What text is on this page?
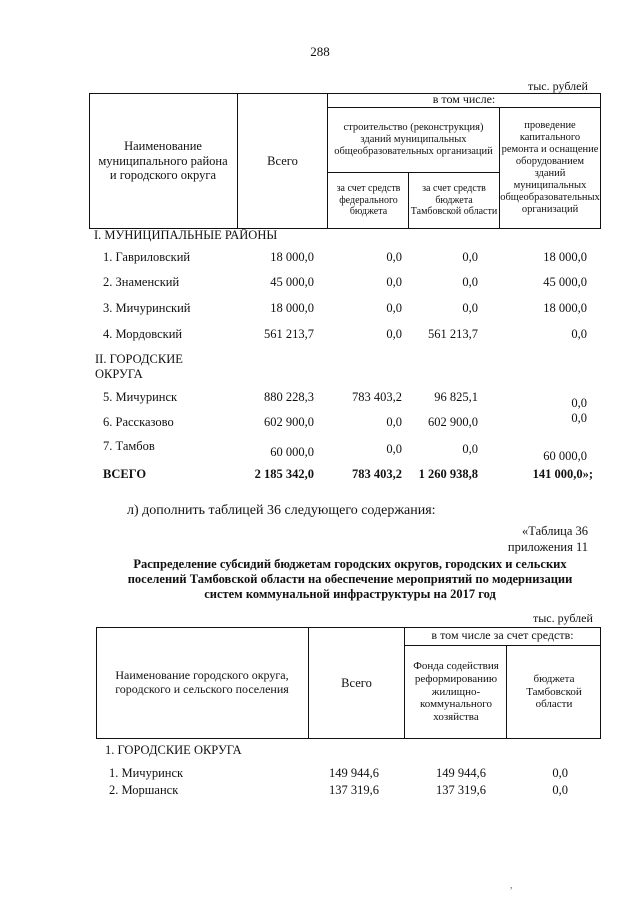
288
тыс. рублей
Наименование муниципального района и городского округа
Всего
в том числе:
строительство (реконструкция) зданий муниципальных общеобразовательных организаций
за счет средств федерального бюджета
за счет средств бюджета Тамбовской области
проведение капитального ремонта и оснащение оборудованием зданий муниципальных общеобразовательных организаций
I. МУНИЦИПАЛЬНЫЕ РАЙОНЫ
1. Гавриловский	18 000,0	0,0	0,0	18 000,0
2. Знаменский	45 000,0	0,0	0,0	45 000,0
3. Мичуринский	18 000,0	0,0	0,0	18 000,0
4. Мордовский	561 213,7	0,0 561 213,7	0,0
II. ГОРОДСКИЕ
ОКРУГА
5. Мичуринск	880 228,3	783 403,2	96 825,1	0,0
6. Рассказово	602 900,0	0,0 602 900,0	0,0
7. Тамбов	60 000,0	0,0	0,0	60 000,0
ВСЕГО	2 185 342,0	783 403,2 1 260 938,8	141 000,0»;
л) дополнить таблицей 36 следующего содержания:
«Таблица 36
приложения 11
Распределение субсидий бюджетам городских округов, городских и сельских
поселений Тамбовской области на обеспечение мероприятий по модернизации
систем коммунальной инфраструктуры на 2017 год
тыс. рублей
Наименование городского округа, городского и сельского поселения	Всего
в том числе за счет средств:
Фонда содействия реформированию жилищно-коммунального хозяйства
бюджета Тамбовской области
1. ГОРОДСКИЕ ОКРУГА
1. Мичуринск	149 944,6	149 944,6	0,0
2. Моршанск	137 319,6	137 319,6	0,0
,
